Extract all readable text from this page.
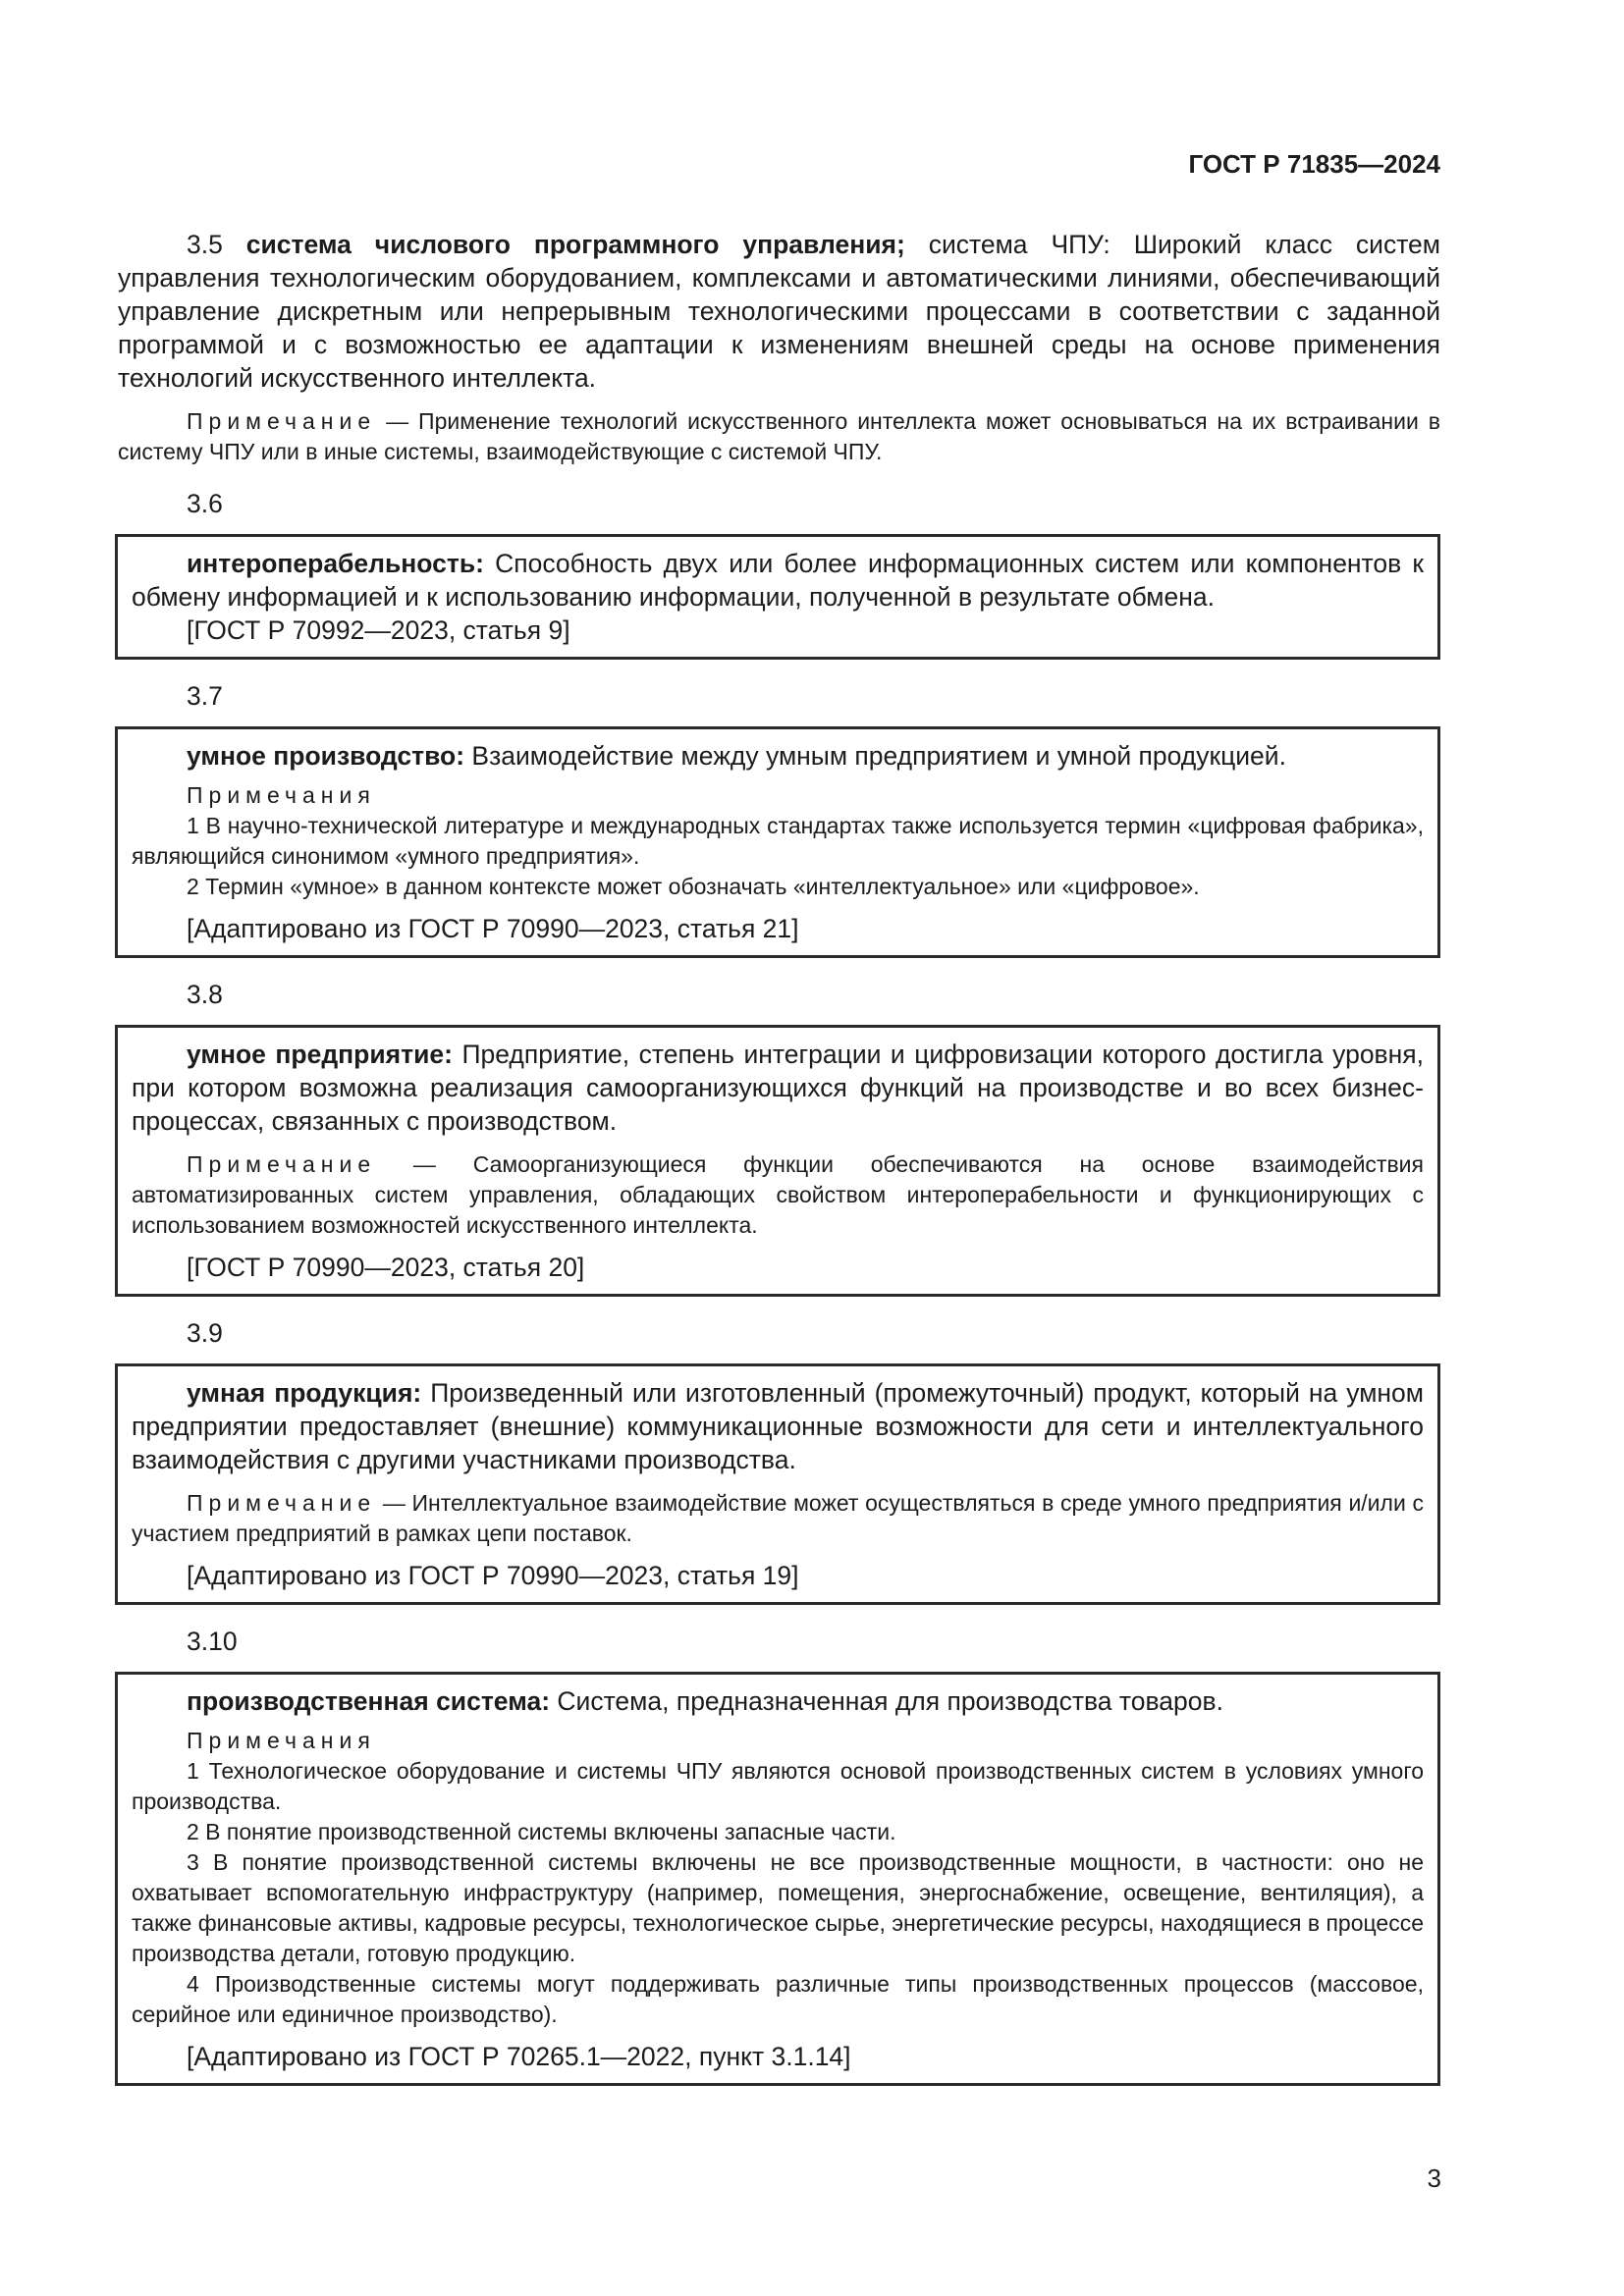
ГОСТ Р 71835—2024

3.5 система числового программного управления; система ЧПУ: Широкий класс систем управления технологическим оборудованием, комплексами и автоматическими линиями, обеспечивающий управление дискретным или непрерывным технологическими процессами в соответствии с заданной программой и с возможностью ее адаптации к изменениям внешней среды на основе применения технологий искусственного интеллекта.

Примечание — Применение технологий искусственного интеллекта может основываться на их встраивании в систему ЧПУ или в иные системы, взаимодействующие с системой ЧПУ.

3.6

интероперабельность: Способность двух или более информационных систем или компонентов к обмену информацией и к использованию информации, полученной в результате обмена.

[ГОСТ Р 70992—2023, статья 9]
3.7

умное производство: Взаимодействие между умным предприятием и умной продукцией.

Примечания

1 В научно-технической литературе и международных стандартах также используется термин «цифровая фабрика», являющийся синонимом «умного предприятия».

2 Термин «умное» в данном контексте может обозначать «интеллектуальное» или «цифровое».

[Адаптировано из ГОСТ Р 70990—2023, статья 21]
3.8

умное предприятие: Предприятие, степень интеграции и цифровизации которого достигла уровня, при котором возможна реализация самоорганизующихся функций на производстве и во всех бизнес-процессах, связанных с производством.

Примечание — Самоорганизующиеся функции обеспечиваются на основе взаимодействия автоматизированных систем управления, обладающих свойством интероперабельности и функционирующих с использованием возможностей искусственного интеллекта.

[ГОСТ Р 70990—2023, статья 20]
3.9

умная продукция: Произведенный или изготовленный (промежуточный) продукт, который на умном предприятии предоставляет (внешние) коммуникационные возможности для сети и интеллектуального взаимодействия с другими участниками производства.

Примечание — Интеллектуальное взаимодействие может осуществляться в среде умного предприятия и/или с участием предприятий в рамках цепи поставок.

[Адаптировано из ГОСТ Р 70990—2023, статья 19]
3.10

производственная система: Система, предназначенная для производства товаров.

Примечания

1 Технологическое оборудование и системы ЧПУ являются основой производственных систем в условиях умного производства.

2 В понятие производственной системы включены запасные части.

3 В понятие производственной системы включены не все производственные мощности, в частности: оно не охватывает вспомогательную инфраструктуру (например, помещения, энергоснабжение, освещение, вентиляция), а также финансовые активы, кадровые ресурсы, технологическое сырье, энергетические ресурсы, находящиеся в процессе производства детали, готовую продукцию.

4 Производственные системы могут поддерживать различные типы производственных процессов (массовое, серийное или единичное производство).

[Адаптировано из ГОСТ Р 70265.1—2022, пункт 3.1.14]
3
